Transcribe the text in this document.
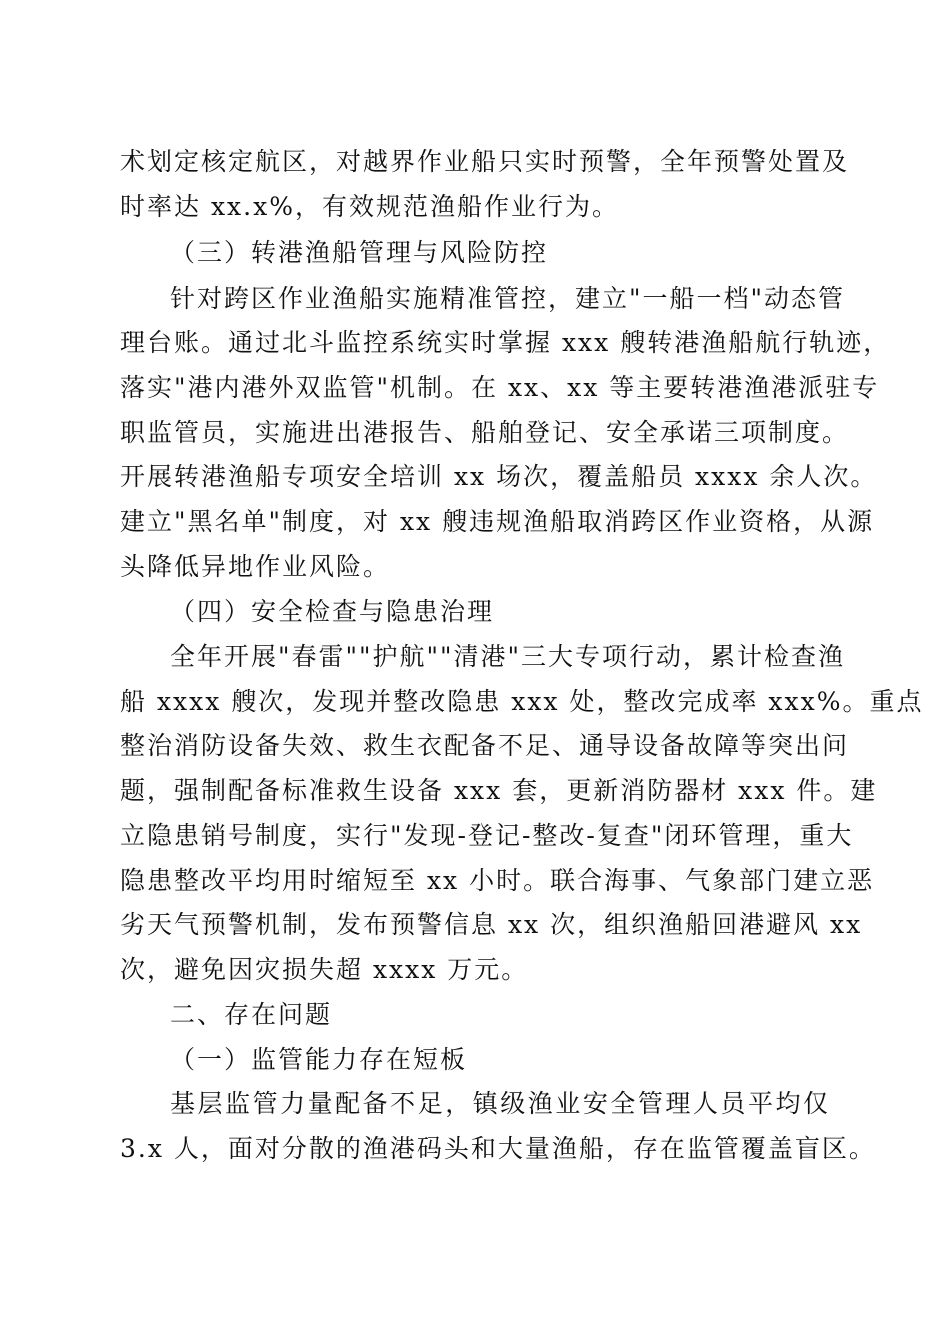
术划定核定航区，对越界作业船只实时预警，全年预警处置及
时率达 xx.x%，有效规范渔船作业行为。
（三）转港渔船管理与风险防控
针对跨区作业渔船实施精准管控，建立"一船一档"动态管
理台账。通过北斗监控系统实时掌握 xxx 艘转港渔船航行轨迹，
落实"港内港外双监管"机制。在 xx、xx 等主要转港渔港派驻专
职监管员，实施进出港报告、船舶登记、安全承诺三项制度。
开展转港渔船专项安全培训 xx 场次，覆盖船员 xxxx 余人次。
建立"黑名单"制度，对 xx 艘违规渔船取消跨区作业资格，从源
头降低异地作业风险。
（四）安全检查与隐患治理
全年开展"春雷""护航""清港"三大专项行动，累计检查渔
船 xxxx 艘次，发现并整改隐患 xxx 处，整改完成率 xxx%。重点
整治消防设备失效、救生衣配备不足、通导设备故障等突出问
题，强制配备标准救生设备 xxx 套，更新消防器材 xxx 件。建
立隐患销号制度，实行"发现-登记-整改-复查"闭环管理，重大
隐患整改平均用时缩短至 xx 小时。联合海事、气象部门建立恶
劣天气预警机制，发布预警信息 xx 次，组织渔船回港避风 xx
次，避免因灾损失超 xxxx 万元。
二、存在问题
（一）监管能力存在短板
基层监管力量配备不足，镇级渔业安全管理人员平均仅
3.x 人，面对分散的渔港码头和大量渔船，存在监管覆盖盲区。
